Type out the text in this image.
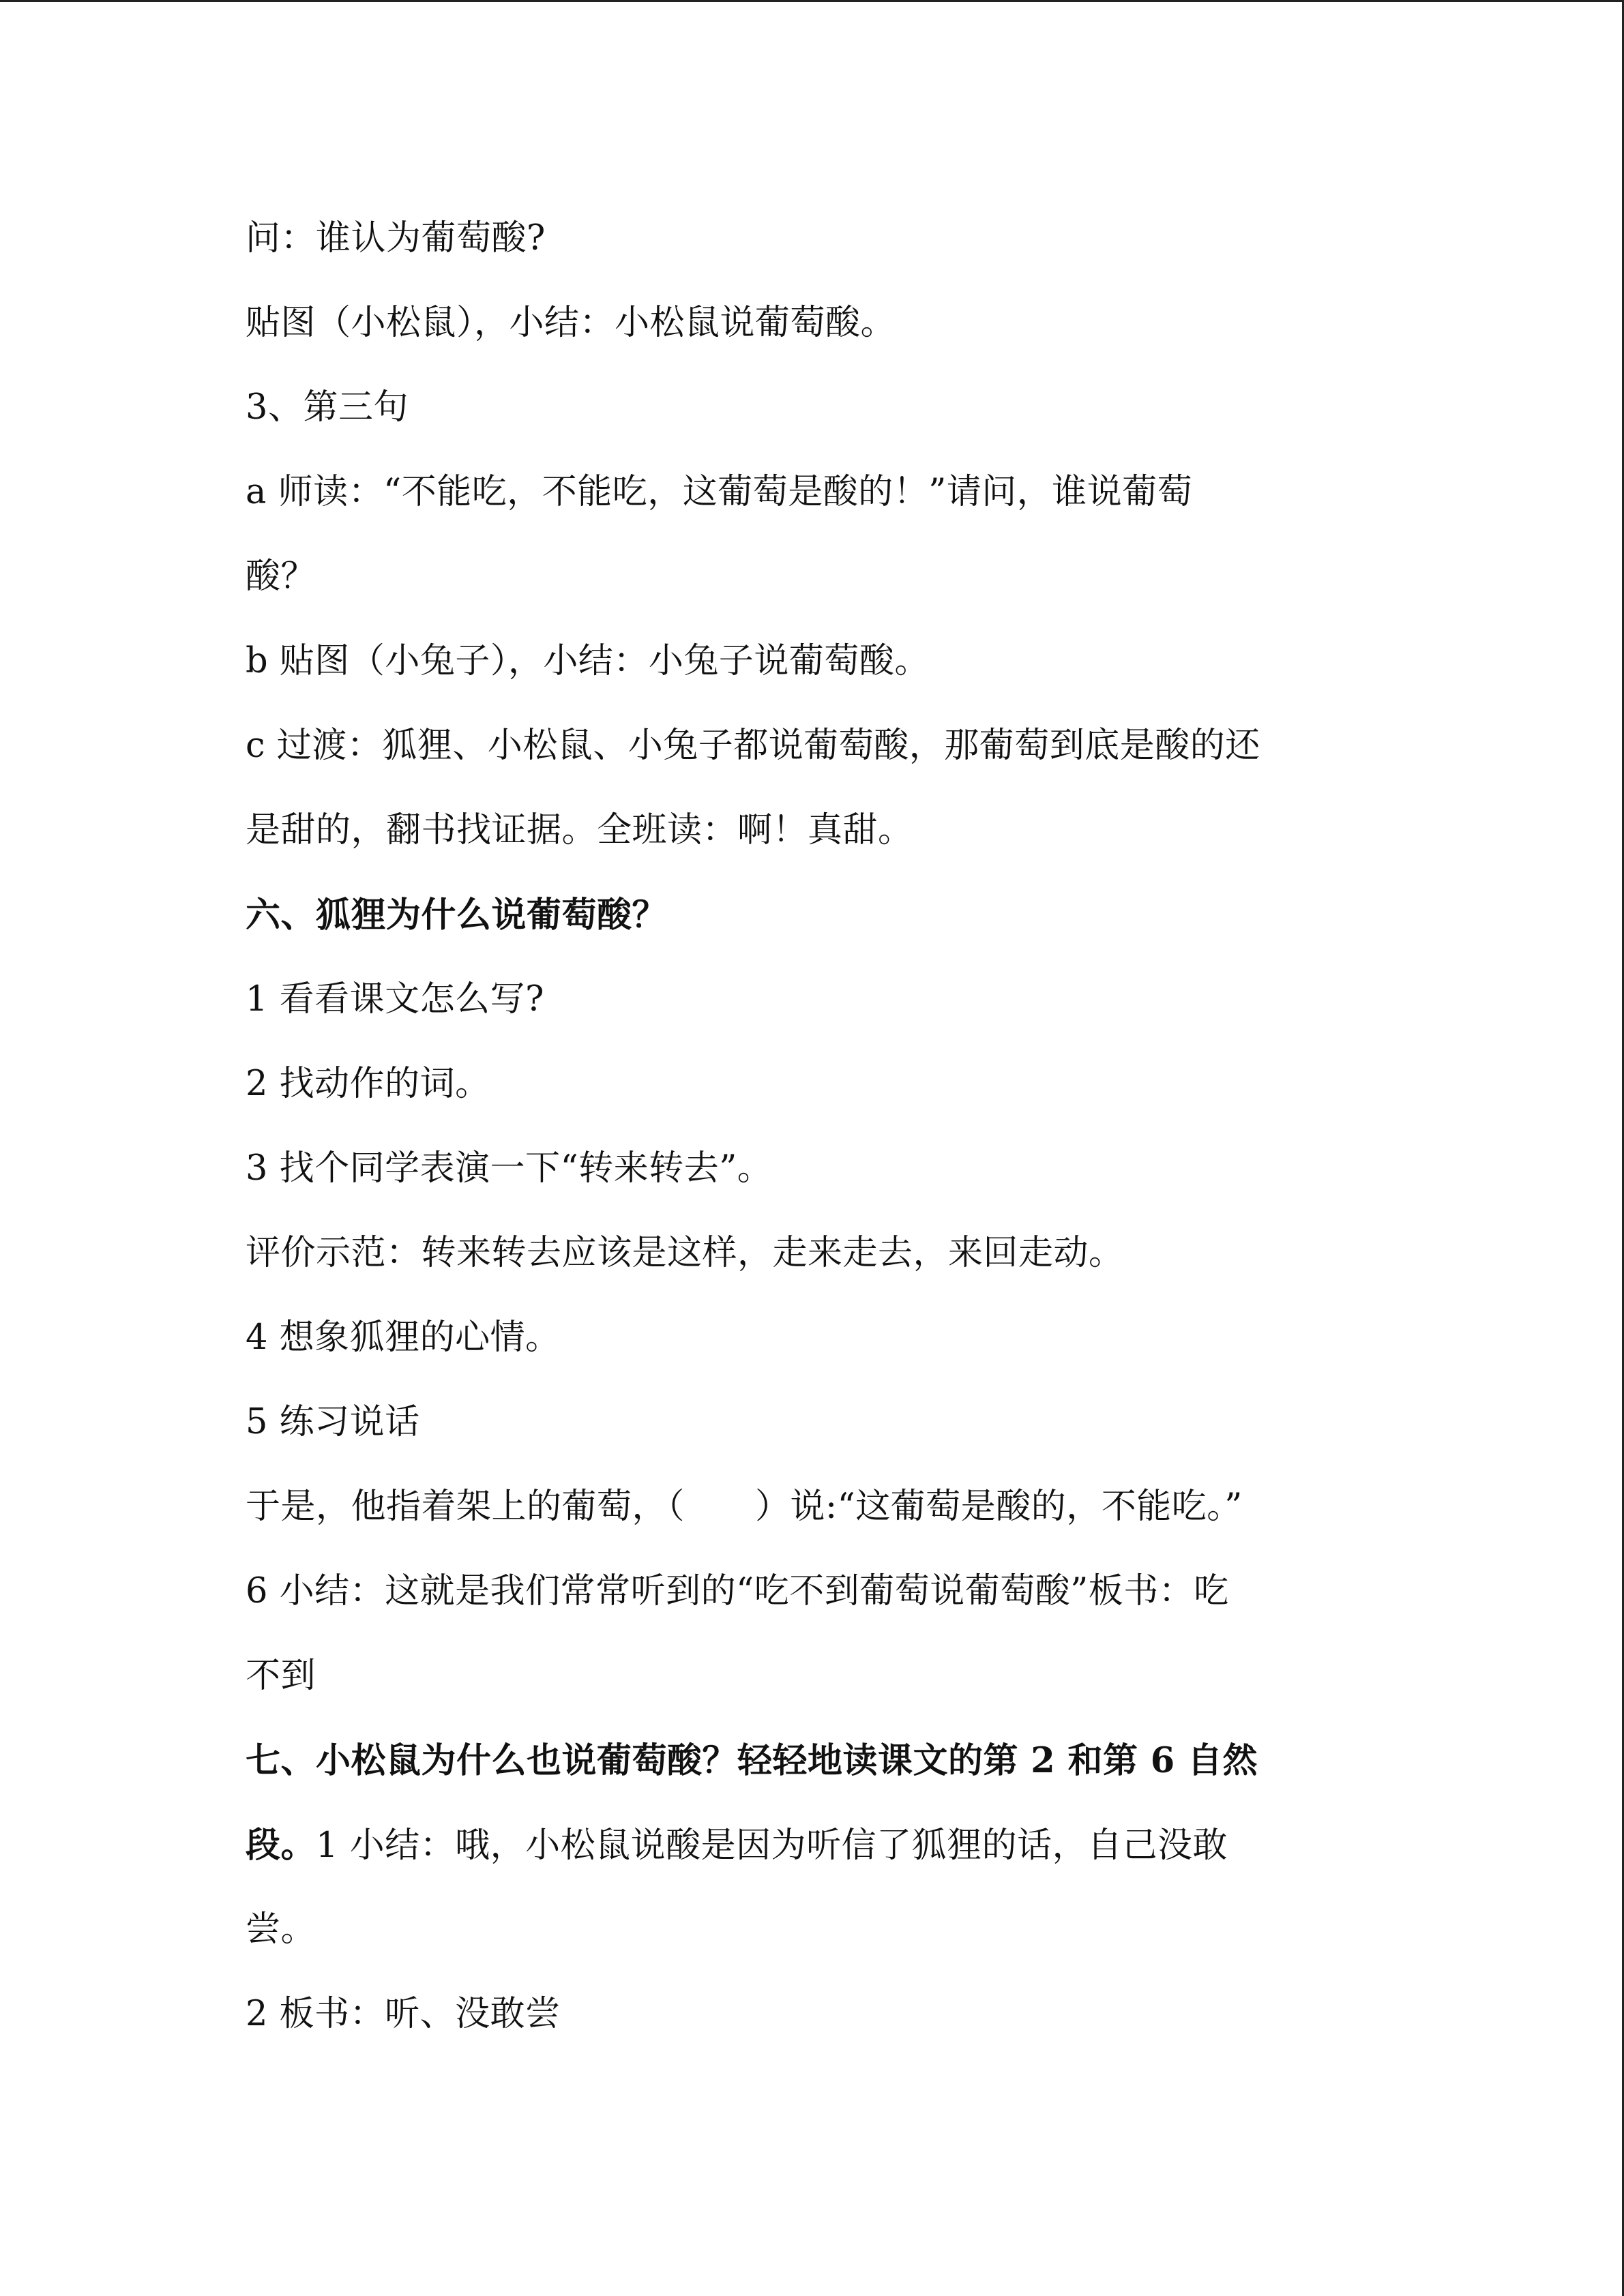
问：谁认为葡萄酸?
贴图（小松鼠），小结：小松鼠说葡萄酸。
3、第三句
a 师读：“不能吃，不能吃，这葡萄是酸的！”请问，谁说葡萄
酸？
b 贴图（小兔子），小结：小兔子说葡萄酸。
c 过渡：狐狸、小松鼠、小兔子都说葡萄酸，那葡萄到底是酸的还
是甜的，翻书找证据。全班读：啊！真甜。
六、狐狸为什么说葡萄酸？
1 看看课文怎么写?
2 找动作的词。
3 找个同学表演一下“转来转去”。
评价示范：转来转去应该是这样，走来走去，来回走动。
4 想象狐狸的心情。
5 练习说话
于是，他指着架上的葡萄，（　　）说:“这葡萄是酸的，不能吃。”
6 小结：这就是我们常常听到的“吃不到葡萄说葡萄酸”板书：吃
不到
七、小松鼠为什么也说葡萄酸？轻轻地读课文的第 2 和第 6 自然
段。1 小结：哦，小松鼠说酸是因为听信了狐狸的话，自己没敢
尝。
2 板书：听、没敢尝
